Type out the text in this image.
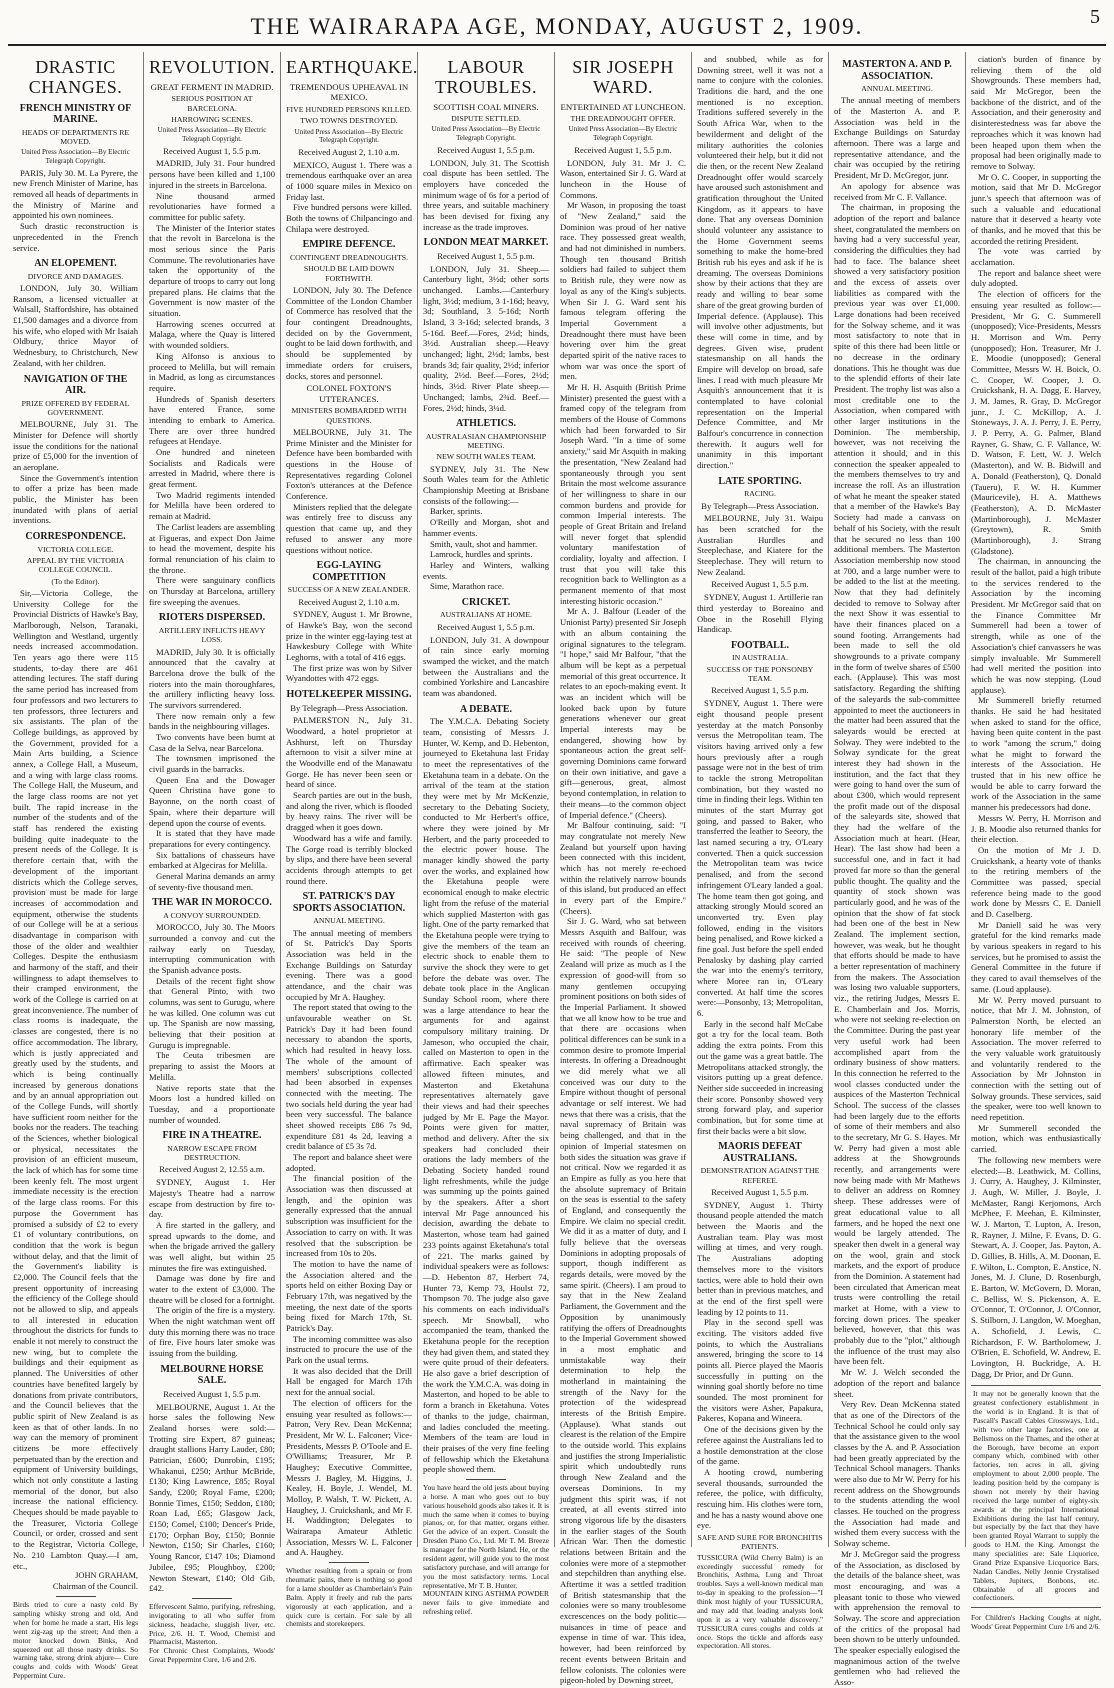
THE WAIRARAPA AGE, MONDAY, AUGUST 2, 1909.	5
DRASTIC CHANGES.
FRENCH MINISTRY OF MARINE.
HEADS OF DEPARTMENTS RE MOVED.
United Press Association—By Electric Telegraph Copyright.

PARIS, July 30. M. La Pyrere, the new French Minister of Marine, has removed all heads of departments in the Ministry of Marine and appointed his own nominees.

Such drastic reconstruction is unprecedented in the French service.

AN ELOPEMENT.
DIVORCE AND DAMAGES.

LONDON, July 30. William Ransom, a licensed victualler at Walsall, Staffordshire, has obtained £1,500 damages and a divorce from his wife, who eloped with Mr Isaiah Oldbury, thrice Mayor of Wednesbury, to Christchurch, New Zealand, with her children.

NAVIGATION OF THE AIR.
PRIZE OFFERED BY FEDERAL GOVERNMENT.

MELBOURNE, July 31. The Minister for Defence will shortly issue the conditions for the national prize of £5,000 for the invention of an aeroplane.

Since the Government's intention to offer a prize has been made public, the Minister has been inundated with plans of aerial inventions.

CORRESPONDENCE.
VICTORIA COLLEGE.
APPEAL BY THE VICTORIA COLLEGE COUNCIL.
(To the Editor).

Sir,—Victoria College, the University College for the Provincial Districts of Hawke's Bay, Marlborough, Nelson, Taranaki, Wellington and Westland, urgently needs increased accommodation. Ten years ago there were 115 students, to-day there are 461 attending lectures. The staff during the same period has increased from four professors and two lecturers to ten professors, three lecturers and six assistants. The plan of the College buildings, as approved by the Government, provided for a Main Arts building, a Science annex, a College Hall, a Museum, and a wing with large class rooms. The College Hall, the Museum, and the large class rooms are not yet built. The rapid increase in the number of the students and of the staff has rendered the existing building quite inadequate to the present needs of the College. It is therefore certain that, with the development of the important districts which the College serves, provision must be made for large increases of accommodation and equipment, otherwise the students of our College will be at a serious disadvantage in comparison with those of the older and wealthier Colleges. Despite the enthusiasm and harmony of the staff, and their willingness to adapt themselves to their cramped environment, the work of the College is carried on at great inconvenience. The number of class rooms is inadequate, the classes are congested, there is no office accommodation. The library, which is justly appreciated and greatly used by the students, and which is being continually increased by generous donations and by an annual appropriation out of the College Funds, will shortly have sufficient room neither for the books nor the readers. The teaching of the Sciences, whether biological or physical, necessitates the provision of an efficient museum, the lack of which has for some time been keenly felt. The most urgent immediate necessity is the erection of the large class rooms. For this purpose the Government has promised a subsidy of £2 to every £1 of voluntary contributions, on condition that the work is begun without delay, and that the limit of the Government's liability is £2,000. The Council feels that the present opportunity of increasing the efficiency of the College should not be allowed to slip, and appeals to all interested in education throughout the districts for funds to enable it not merely to construct the new wing, but to complete the buildings and their equipment as planned. The Universities of other countries have benefited largely by donations from private contributors, and the Council believes that the public spirit of New Zealand is as keen as that of other lands. In no way can the memory of prominent citizens be more effectively perpetuated than by the erection and equipment of University buildings, which not only constitute a lasting memorial of the donor, but also increase the national efficiency. Cheques should be made payable to the Treasurer, Victoria College Council, or order, crossed and sent to the Registrar, Victoria College, No. 210 Lambton Quay.—I am, etc.,

JOHN GRAHAM,
Chairman of the Council.
Birds tried to cure a nasty cold By sampling whisky strong and old, And when for home he made a start, His legs went zig-zag up the street; And then a motor knocked down Binks, And squeezed out all those nasty drinks. So warning take, strong drink abjure— Cure coughs and colds with Woods' Great Peppermint Cure.
REVOLUTION.
GREAT FERMENT IN MADRID.
SERIOUS POSITION AT BARCELONA.
HARROWING SCENES.
United Press Association—By Electric Telegraph Copyright.
Received August 1, 5.5 p.m.

MADRID, July 31. Four hundred persons have been killed and 1,100 injured in the streets in Barcelona.

Nine thousand armed revolutionaries have formed a committee for public safety.

The Minister of the Interior states that the revolt in Barcelona is the most serious since the Paris Commune. The revolutionaries have taken the opportunity of the departure of troops to carry out long prepared plans. He claims that the Government is now master of the situation.

Harrowing scenes occurred at Malaga, where the Quay is littered with wounded soldiers.

King Alfonso is anxious to proceed to Melilla, but will remain in Madrid, as long as circumstances require.

Hundreds of Spanish deserters have entered France, some intending to embark to America. There are over three hundred refugees at Hendaye.

One hundred and nineteen Socialists and Radicals were arrested in Madrid, where there is great ferment.

Two Madrid regiments intended for Melilla have been ordered to remain at Madrid.

The Carlist leaders are assembling at Figueras, and expect Don Jaime to head the movement, despite his formal renunciation of his claim to the throne.

There were sanguinary conflicts on Thursday at Barcelona, artillery fire sweeping the avenues.

RIOTERS DISPERSED.
ARTILLERY INFLICTS HEAVY LOSS.

MADRID, July 30. It is officially announced that the cavalry at Barcelona drove the bulk of the rioters into the main thoroughfares, the artillery inflicting heavy loss. The survivors surrendered.

There now remain only a few bands in the neighbouring villages.

Two convents have been burnt at Casa de la Selva, near Barcelona.

The townsmen imprisoned the civil guards in the barracks.

Queen Ena and the Dowager Queen Christina have gone to Bayonne, on the north coast of Spain, where their departure will depend upon the course of events.

It is stated that they have made preparations for every contingency.

Six battalions of chasseurs have embarked at Algeciras for Melilla.

General Marina demands an army of seventy-five thousand men.

THE WAR IN MOROCCO.
A CONVOY SURROUNDED.

MOROCCO, July 30. The Moors surrounded a convoy and cut the railway early on Tuesday, interrupting communication with the Spanish advance posts.

Details of the recent fight show that General Pinto, with two columns, was sent to Gurugu, where he was killed. One column was cut up. The Spanish are now massing, believing that their position at Gurugu is impregnable.

The Ceuta tribesmen are preparing to assist the Moors at Melilla.

Native reports state that the Moors lost a hundred killed on Tuesday, and a proportionate number of wounded.

FIRE IN A THEATRE.
NARROW ESCAPE FROM DESTRUCTION.
Received August 2, 12.55 a.m.

SYDNEY, August 1. Her Majesty's Theatre had a narrow escape from destruction by fire to-day.

A fire started in the gallery, and spread upwards to the dome, and when the brigade arrived the gallery was well alight, but within 25 minutes the fire was extinguished.

Damage was done by fire and water to the extent of £3,000. The theatre will be closed for a fortnight.

The origin of the fire is a mystery. When the night watchman went off duty this morning there was no trace of fire. Five hours later smoke was issuing from the building.

MELBOURNE HORSE SALE.
Received August 1, 5.5 p.m.

MELBOURNE, August 1. At the horse sales the following New Zealand horses were sold:— Trotting sire Expert, 87 guineas; draught stallions Harry Lauder, £80; Patrician, £600; Dunrobin, £195; Whakanui, £250; Arthur McBride, £130; King Lawrence, £85; Royal Sandy, £200; Royal Fame, £200; Bonnie Times, £150; Seddon, £180; Roan Lad, £65; Glasgow Jack, £150; Comel, £100; Dencer's Pride, £170; Orphan Boy, £150; Bonnie Newton, £150; Sir Charles, £160; Young Rancor, £147 10s; Diamond Jubilee, £95; Ploughboy, £200; Newton Stewart, £140; Old Gib, £42.

Effervescent Salmo, purifying, refreshing, invigorating to all who suffer from sickness, headache, sluggish liver, etc. Price, 2/6. H. T. Wood, Chemist and Pharmacist, Masterton.
For Chronic Chest Complaints, Woods' Great Peppermint Cure, 1/6 and 2/6.
EARTHQUAKE.
TREMENDOUS UPHEAVAL IN MEXICO.
FIVE HUNDRED PERSONS KILLED.
TWO TOWNS DESTROYED.
United Press Association—By Electric Telegraph Copyright.
Received August 2, 1.10 a.m.

MEXICO, August 1. There was a tremendous earthquake over an area of 1000 square miles in Mexico on Friday last.

Five hundred persons were killed. Both the towns of Chilpancingo and Chilapa were destroyed.

EMPIRE DEFENCE.
CONTINGENT DREADNOUGHTS.
SHOULD BE LAID DOWN FORTHWITH.

LONDON, July 30. The Defence Committee of the London Chamber of Commerce has resolved that the four contingent Dreadnoughts, decided on by the Government, ought to be laid down forthwith, and should be supplemented by immediate orders for cruisers, docks, stores and personnel.

COLONEL FOXTON'S UTTERANCES.
MINISTERS BOMBARDED WITH QUESTIONS.

MELBOURNE, July 31. The Prime Minister and the Minister for Defence have been bombarded with questions in the House of Representatives regarding Colonel Foxton's utterances at the Defence Conference.

Ministers replied that the delegate was entirely free to discuss any question that came up, and they refused to answer any more questions without notice.

EGG-LAYING COMPETITION
SUCCESS OF A NEW ZEALANDER.
Received August 2, 1.10 a.m.

SYDNEY, August 1. Mr Browne, of Hawke's Bay, won the second prize in the winter egg-laying test at Hawkesbury College with White Leghorns, with a total of 416 eggs.

The first prize was won by Silver Wyandottes with 472 eggs.

HOTELKEEPER MISSING.
By Telegraph—Press Association.

PALMERSTON N., July 31. Woodward, a hotel proprietor at Ashhurst, left on Thursday afternoon to visit a silver mine at the Woodville end of the Manawatu Gorge. He has never been seen or heard of since.

Search parties are out in the bush, and along the river, which is flooded by heavy rains. The river will be dragged when it goes down.

Woodward has a wife and family. The Gorge road is terribly blocked by slips, and there have been several accidents through attempts to get round there.

ST. PATRICK'S DAY SPORTS ASSOCIATION.
ANNUAL MEETING.

The annual meeting of members of St. Patrick's Day Sports Association was held in the Exchange Buildings on Saturday evening. There was a good attendance, and the chair was occupied by Mr A. Haughey.

The report stated that owing to the unfavourable weather on St. Patrick's Day it had been found necessary to abandon the sports, which had resulted in heavy loss. The whole of the amount of members' subscriptions collected had been absorbed in expenses connected with the meeting. The two socials held during the year had been very successful. The balance sheet showed receipts £86 7s 9d, expenditure £81 4s 2d, leaving a credit balance of £5 3s 7d.

The report and balance sheet were adopted.

The financial position of the Association was then discussed at length, and the opinion was generally expressed that the annual subscription was insufficient for the Association to carry on with. It was resolved that the subscription be increased from 10s to 20s.

The motion to have the name of the Association altered and the sports held on either Boxing Day or February 17th, was negatived by the meeting, the next date of the sports being fixed for March 17th, St. Patrick's Day.

The incoming committee was also instructed to procure the use of the Park on the usual terms.

It was also decided that the Drill Hall be engaged for March 17th next for the annual social.

The election of officers for the ensuing year resulted as follows:—Patron, Very Rev. Dean McKenna; President, Mr W. L. Falconer; Vice-Presidents, Messrs P. O'Toole and E. O'Williams; Treasurer, Mr P. Haughey; Executive Committee, Messrs J. Bagley, M. Higgins, J. Kealey, H. Boyle, J. Wendel, M. Molloy, P. Walsh, T. W. Pickett, A. Haughey, J. Cruickshank, and Mr F. H. Waddington; Delegates to Wairarapa Amateur Athletic Association, Messrs W. L. Falconer and A. Haughey.

Whether resulting from a sprain or from rheumatic pains, there is nothing so good for a lame shoulder as Chamberlain's Pain Balm. Apply it freely and rub the parts vigorously at each application, and a quick cure is certain. For sale by all chemists and storekeepers.
LABOUR TROUBLES.
SCOTTISH COAL MINERS.
DISPUTE SETTLED.
United Press Association—By Electric Telegraph Copyright.
Received August 1, 5.5 p.m.

LONDON, July 31. The Scottish coal dispute has been settled. The employers have conceded the minimum wage of 6s for a period of three years, and suitable machinery has been devised for fixing any increase as the trade improves.

LONDON MEAT MARKET.
Received August 1, 5.5 p.m.

LONDON, July 31. Sheep.—Canterbury light, 3½d; other sorts unchanged. Lambs.—Canterbury light, 3½d; medium, 3 1-16d; heavy, 3d; Southland, 3 5-16d; North Island, 3 3-16d; selected brands, 3 5-16d. Beef.—Fores, 2½d; hinds, 3½d. Australian sheep.—Heavy unchanged; light, 2½d; lambs, best brands 3d; fair quality, 2½d; inferior quality, 2½d. Beef.—Fores, 2½d; hinds, 3½d. River Plate sheep.—Unchanged; lambs, 2¾d. Beef.—Fores, 2½d; hinds, 3¼d.

ATHLETICS.
AUSTRALASIAN CHAMPIONSHIP MEETING.
NEW SOUTH WALES TEAM.

SYDNEY, July 31. The New South Wales team for the Athletic Championship Meeting at Brisbane consists of the following:—

Barker, sprints.

O'Reilly and Morgan, shot and hammer events.

Smith, vault, shot and hammer.

Lamrock, hurdles and sprints.

Harley and Winters, walking events.

Sime, Marathon race.

CRICKET.
AUSTRALIANS AT HOME.
Received August 1, 5.5 p.m.

LONDON, July 31. A downpour of rain since early morning swamped the wicket, and the match between the Australians and the combined Yorkshire and Lancashire team was abandoned.

A DEBATE.

The Y.M.C.A. Debating Society team, consisting of Messrs J. Hunter, W. Kemp, and D. Hebenton, journeyed to Eketahuna last Friday to meet the representatives of the Eketahuna team in a debate. On the arrival of the team at the station they were met by Mr McKenzie, secretary to the Debating Society, conducted to Mr Herbert's office, where they were joined by Mr Herbert, and the party proceeded to the electric power house. The manager kindly showed the party over the works, and explained how the Eketahuna people were economical enough to make electric light from the refuse of the material which supplied Masterton with gas light. One of the party remarked that the Eketahuna people were trying to give the members of the team an electric shock to enable them to survive the shock they were to get before the debate was over. The debate took place in the Anglican Sunday School room, where there was a large attendance to hear the arguments for and against compulsory military training. Dr Jameson, who occupied the chair, called on Masterton to open in the affirmative. Each speaker was allowed fifteen minutes, and Masterton and Eketahuna representatives alternately gave their views and had their speeches judged by Mr E. Page the Mayor. Points were given for matter, method and delivery. After the six speakers had concluded their orations the lady members of the Debating Society handed round light refreshments, while the judge was summing up the points gained by the speakers. After a short interval Mr Page announced his decision, awarding the debate to Masterton, whose team had gained 233 points against Eketahuna's total of 221. The marks gained by individual speakers were as follows:—D. Hebenton 87, Herbert 74, Hunter 73, Kemp 73, Houlst 72, Thompson 70. The judge also gave his comments on each individual's speech. Mr Snowball, who accompanied the team, thanked the Eketahuna people for the reception they had given them, and stated they were quite proud of their defeaters. He also gave a brief description of the work the Y.M.C.A. was doing in Masterton, and hoped to be able to form a branch in Eketahuna. Votes of thanks to the judge, chairman, and ladies concluded the meeting. Members of the team are loud in their praises of the very fine feeling of fellowship which the Eketahuna people showed them.

You have heard the old jests about buying a horse. A man who goes out to buy various household goods also takes it. It is much the same when it comes to buying pianos, or, for that matter, organs either. Get the advice of an expert. Consult the Dresden Piano Co., Ltd. Mr T. M. Breeze is manager for the North Island. He, or the resident agent, will guide you to the most satisfactory purchase, and will arrange for you the most satisfactory terms. Local representative, Mr T. B. Hunter.
MOUNTAIN KING ASTHMA POWDER never fails to give immediate and refreshing relief.
SIR JOSEPH WARD.
ENTERTAINED AT LUNCHEON.
THE DREADNOUGHT OFFER.
United Press Association—By Electric Telegraph Copyright.
Received August 1, 5.5 p.m.

LONDON, July 31. Mr J. C. Wason, entertained Sir J. G. Ward at luncheon in the House of Commons.

Mr Wason, in proposing the toast of "New Zealand," said the Dominion was proud of her native race. They possessed great wealth, and had not diminished in numbers. Though ten thousand British soldiers had failed to subject them to British rule, they were now as loyal as any of the King's subjects. When Sir J. G. Ward sent his famous telegram offering the Imperial Government a Dreadnought there must have been hovering over him the great departed spirit of the native races to whom war was once the sport of men.

Mr H. H. Asquith (British Prime Minister) presented the guest with a framed copy of the telegram from members of the House of Commons which had been forwarded to Sir Joseph Ward. "In a time of some anxiety," said Mr Asquith in making the presentation, "New Zealand had spontaneously through you sent Britain the most welcome assurance of her willingness to share in our common burdens and provide for common Imperial interests. The people of Great Britain and Ireland will never forget that splendid voluntary manifestation of cordiality, loyalty and affection. I trust that you will take this recognition back to Wellington as a permanent memento of that most interesting historic occasion."

Mr A. J. Balfour (Leader of the Unionist Party) presented Sir Joseph with an album containing the original signatures to the telegram. "I hope," said Mr Balfour, "that the album will be kept as a perpetual memorial of this great occurrence. It relates to an epoch-making event. It was an incident which will be looked back upon by future generations whenever our great Imperial interests may be endangered, showing how by spontaneous action the great self-governing Dominions came forward on their own initiative, and gave a gift—generous, great, almost beyond contemplation, in relation to their means—to the common object of Imperial defence." (Cheers).

Mr Balfour continuing, said: "I may congratulate not merely New Zealand but yourself upon having been connected with this incident, which has not merely re-echoed within the relatively narrow bounds of this island, but produced an effect in every part of the Empire." (Cheers).

Sir J. G. Ward, who sat between Messrs Asquith and Balfour, was received with rounds of cheering. He said: "The people of New Zealand will prize as much as I the expression of good-will from so many gentlemen occupying prominent positions on both sides of the Imperial Parliament. It showed that we all know how to be true and that there are occasions when political differences can be sunk in a common desire to promote Imperial interests. In offering a Dreadnought we did merely what we all conceived was our duty to the Empire without thought of personal advantage or self interest. We had news that there was a crisis, that the naval supremacy of Britain was being challenged, and that in the opinion of Imperial statesmen on both sides the situation was grave if not critical. Now we regarded it as an Empire as fully as you here that the absolute supremacy of Britain on the seas is essential to the safety of England, and consequently the Empire. We claim no special credit. We did it as a matter of duty, and I fully believe that the overseas Dominions in adopting proposals of support, though indifferent as regards details, were moved by the same spirit. (Cheers). I am proud to say that in the New Zealand Parliament, the Government and the Opposition by unanimously ratifying the offers of Dreadnoughts to the Imperial Government showed in a most emphatic and unmistakable way their determination to help the motherland in maintaining the strength of the Navy for the protection of the widespread interests of the British Empire. (Applause). What stands out clearest is the relation of the Empire to the outside world. This explains and justifies the strong Imperialistic spirit which undoubtedly runs through New Zealand and the overseas Dominions. In my judgment this spirit was, if not created, at all events stirred into strong vigorous life by the disasters in the earlier stages of the South African War. Then the domestic relations between Britain and the colonies were more of a stepmother and stepchildren than anything else. Aftertime it was a settled tradition of British statesmanship that the colonies were so many troublesome excrescences on the body politic—nuisances in time of peace and expense in time of war. This idea, however, had been reinforced by recent events between Britain and fellow colonists. The colonies were pigeon-holed by Downing street,

and snubbed, while as for Downing street, well it was not a name to conjure with the colonies. Traditions die hard, and the one mentioned is no exception. Traditions suffered severely in the South Africa War, when to the bewilderment and delight of the military authorities the colonies volunteered their help, but it did not die then, or the recent New Zealand Dreadnought offer would scarcely have aroused such astonishment and gratification throughout the United Kingdom, as it appears to have done. That any overseas Dominion should volunteer any assistance to the Home Government seems something to make the home-bred British rub his eyes and ask if he is dreaming. The overseas Dominions show by their actions that they are ready and willing to bear some share of the great growing burden of Imperial defence. (Applause). This will involve other adjustments, but these will come in time, and by degrees. Given wise, prudent statesmanship on all hands the Empire will develop on broad, safe lines. I read with much pleasure Mr Asquith's announcement that it is contemplated to have colonial representation on the Imperial Defence Committee, and Mr Balfour's concurrence in connection therewith. It augurs well for unanimity in this important direction."

LATE SPORTING.
RACING.
By Telegraph—Press Association.

MELBOURNE, July 31. Waipu has been scratched for the Australian Hurdles and Steeplechase, and Kiatere for the Steeplechase. They will return to New Zealand.

Received August 1, 5.5 p.m.

SYDNEY, August 1. Artillerie ran third yesterday to Boreaino and Oboe in the Rosehill Flying Handicap.

FOOTBALL.
IN AUSTRALIA.
SUCCESS OF THE PONSONBY TEAM.
Received August 1, 5.5 p.m.

SYDNEY, August 1. There were eight thousand people present yesterday at the match Ponsonby versus the Metropolitan team. The visitors having arrived only a few hours previously after a rough passage were not in the best of trim to tackle the strong Metropolitan combination, but they wasted no time in finding their legs. Within ten minutes of the start Murray got going, and passed to Baker, who transferred the leather to Seeory, the last named securing a try, O'Leary converted. Then a quick succession the Metropolitan team was twice penalised, and from the second infringement O'Leary landed a goal. The home team then got going, and attacking strongly Mould scored an unconverted try. Even play followed, ending in the visitors being penalised, and Rowe kicked a fine goal. Just before the spell ended Penalosky by dashing play carried the war into the enemy's territory, where Moree ran in, O'Leary converted. At half time the scores were:—Ponsonby, 13; Metropolitan, 6.

Early in the second half McCabe got a try for the local team. Both adding the extra points. From this out the game was a great battle. The Metropolitans attacked strongly, the visitors putting up a great defence. Neither side succeeded in increasing their score. Ponsonby showed very strong forward play, and superior combination, but for some time at first their backs were a bit slow.

MAORIS DEFEAT AUSTRALIANS.
DEMONSTRATION AGAINST THE REFEREE.
Received August 1, 5.5 p.m.

SYDNEY, August 1. Thirty thousand people attended the match between the Maoris and the Australian team. Play was most willing at times, and very rough. The Australians adopting themselves more to the visitors tactics, were able to hold their own better than in previous matches, and at the end of the first spell were leading by 12 points to 11.

Play in the second spell was exciting. The visitors added five points, to which the Australians answered, bringing the score to 14 points all. Pierce played the Maoris successfully in putting on the winning goal shortly before no time sounded. The most prominent for the visitors were Asher, Papakura, Pakeres, Kopana and Wineera.

One of the decisions given by the referee against the Australians led to a hostile demonstration at the close of the game.

A hooting crowd, numbering several thousands, surrounded the referee, the police, with difficulty, rescuing him. His clothes were torn, and he has a nasty wound above one eye.

SAFE AND SURE FOR BRONCHITIS PATIENTS.
TUSSICURA (Wild Cherry Balm) is an exceedingly successful remedy for Bronchitis, Asthma, Lung and Throat troubles. Says a well-known medical man to-day in speaking to the profession—"I think most highly of your TUSSICURA, and may add that leading analysts look upon it as a very valuable discovery." TUSSICURA cures coughs and colds at once. Stops the tickle and affords easy expectoration. All stores.
MASTERTON A. AND P. ASSOCIATION.
ANNUAL MEETING.

The annual meeting of members of the Masterton A. and P. Association was held in the Exchange Buildings on Saturday afternoon. There was a large and representative attendance, and the chair was occupied by the retiring President, Mr D. McGregor, junr.

An apology for absence was received from Mr C. F. Vallance.

The chairman, in proposing the adoption of the report and balance sheet, congratulated the members on having had a very successful year, considering the difficulties they had had to face. The balance sheet showed a very satisfactory position and the excess of assets over liabilities as compared with the previous year was over £1,000. Large donations had been received for the Solway scheme, and it was most satisfactory to note that in spite of this there had been little or no decrease in the ordinary donations. This he thought was due to the splendid efforts of their late President. The trophy list was also a most creditable one to the Association, when compared with other larger institutions in the Dominion. The membership, however, was not receiving the attention it should, and in this connection the speaker appealed to the members themselves to try and increase the roll. As an illustration of what he meant the speaker stated that a member of the Hawke's Bay Society had made a canvass on behalf of his Society, with the result that he secured no less than 100 additional members. The Masterton Association membership now stood at 700, and a large number were to be added to the list at the meeting. Now that they had definitely decided to remove to Solway after the next Show it was essential to have their finances placed on a sound footing. Arrangements had been made to sell the old showgrounds to a private company in the form of twelve shares of £500 each. (Applause). This was most satisfactory. Regarding the shifting of the saleyards the sub-committee appointed to meet the auctioneers in the matter had been assured that the saleyards would be erected at Solway. They were indebted to the Solway syndicate for the great interest they had shown in the institution, and the fact that they were going to hand over the sum of about £300, which would represent the profit made out of the disposal of the saleyards site, showed that they had the welfare of the Association much at heart. (Hear, Hear). The last show had been a successful one, and in fact it had proved far more so than the general public thought. The quality and the quantity of stock shown was particularly good, and he was of the opinion that the show of fat stock had been one of the best in New Zealand. The implement section, however, was weak, but he thought that efforts should be made to have a better representation of machinery from the makers. The Association was losing two valuable supporters, viz., the retiring Judges, Messrs E. E. Chamberlain and Jos. Morris, who were not seeking re-election on the Committee. During the past year very useful work had been accomplished apart from the ordinary business of show matters. In this connection he referred to the wool classes conducted under the auspices of the Masterton Technical School. The success of the classes had been largely due to the efforts of some of their members and also to the secretary, Mr G. S. Hayes. Mr W. Perry had given a most able address at the Showgrounds recently, and arrangements were now being made with Mr Mathews to deliver an address on Romney sheep. These addresses were of great educational value to all farmers, and he hoped the next one would be largely attended. The speaker then dwelt in a general way on the wool, grain and stock markets, and the export of produce from the Dominion. A statement had been circulated that American meat trusts were controlling the retail market at Home, with a view to forcing down prices. The speaker believed, however, that this was probably due to the "plot," although the influence of the trust may also have been felt.

Mr W. J. Welch seconded the adoption of the report and balance sheet.

Very Rev. Dean McKenna stated that as one of the Directors of the Technical School he could only say that the assistance given to the wool classes by the A. and P. Association had been greatly appreciated by the Technical School managers. Thanks were also due to Mr W. Perry for his recent address on the Showgrounds to the students attending the wool classes. He touched on the progress the Association had made and wished them every success with the Solway scheme.

Mr J. McGregor said the progress of the Association, as disclosed by the details of the balance sheet, was most encouraging, and was a pleasant tonic to those who viewed with apprehension the removal to Solway. The score and appreciation of the critics of the proposal had been shown to be utterly unfounded. The speaker especially eulogised the magnanimous action of the twelve gentlemen who had relieved the Asso-

ciation's burden of finance by relieving them of the old Showgrounds. These members had, said Mr McGregor, been the backbone of the district, and of the Association, and their generosity and disinterestedness was far above the reproaches which it was known had been heaped upon them when the proposal had been originally made to remove to Solway.

Mr O. C. Cooper, in supporting the motion, said that Mr D. McGregor junr.'s speech that afternoon was of such a valuable and educational nature that it deserved a hearty vote of thanks, and he moved that this be accorded the retiring President.

The vote was carried by acclamation.

The report and balance sheet were duly adopted.

The election of officers for the ensuing year resulted as follow:—President, Mr G. C. Summerell (unopposed); Vice-Presidents, Messrs H. Morrison and Wm. Perry (unopposed); Hon. Treasurer, Mr J. E. Moodie (unopposed); General Committee, Messrs W. H. Boick, O. C. Cooper, W. Cooper, J. O. Cruickshank, H. A. Dagg, E. Harvey, J. M. James, R. Gray, D. McGregor junr., J. C. McKillop, A. J. Stoneways, J. A. J. Perry, J. E. Perry, J. P. Perry, A. G. Palmer, Bland Rayner, G. Shaw, C. F. Vallance, W. D. Watson, F. Lett, W. J. Welch (Masterton), and W. B. Bidwill and A. Donald (Featherston), Q. Donald (Taueru), F. W. H. Kummer (Mauricevile), H. A. Matthews (Featherston), A. D. McMaster (Martinborough), J. McMaster (Greytown), R. Smith (Martinborough), J. Strang (Gladstone).

The chairman, in announcing the result of the ballot, paid a high tribute to the services rendered to the Association by the incoming President. Mr McGregor said that on the Finance Committee Mr Summerell had been a tower of strength, while as one of the Association's chief canvassers he was simply invaluable. Mr Summerell had well merited the position into which he was now stepping. (Loud applause).

Mr Summerell briefly returned thanks. He said he had hesitated when asked to stand for the office, having been quite content in the past to work "among the scrum," doing what he might to forward the interests of the Association. He trusted that in his new office he would be able to carry forward the work of the Association in the same manner his predecessors had done.

Messrs W. Perry, H. Morrison and J. B. Moodie also returned thanks for their election.

On the motion of Mr J. D. Cruickshank, a hearty vote of thanks to the retiring members of the Committee was passed, special reference being made to the good work done by Messrs C. E. Daniell and D. Caselberg.

Mr Daniell said he was very grateful for the kind remarks made by various speakers in regard to his services, but he promised to assist the General Committee in the future if they cared to avail themselves of the same. (Loud applause).

Mr W. Perry moved pursuant to notice, that Mr J. M. Johnston, of Palmerston North, be elected an honorary life member of the Association. The mover referred to the very valuable work gratuitously and voluntarily rendered to the Association by Mr Johnston in connection with the setting out of Solway grounds. These services, said the speaker, were too well known to need repetition.

Mr Summerell seconded the motion, which was enthusiastically carried.

The following new members were elected:—B. Leathwick, M. Collins, J. Curry, A. Haughey, J. Kilminster, J. Augh, W. Miller, J. Boyle, J. McMaster, Rangi Kerjomons, Arch McPhee, F. Meehan, E. Kilminster, W. J. Marton, T. Lupton, A. Ireson, R. Rayner, J. Milne, F. Evans, D. G. Stewart, A. J. Cooper, Jas. Payton, A. D. Gillies, B. Hills, A. M. Doonan, E. F. Wilton, L. Compton, E. Anstice, N. Jones, M. J. Clune, D. Rosenburgh, E. Barton, W. McGovern, D. Moran, C. Belliss, W. S. Pickenson, A. E. O'Connor, T. O'Connor, J. O'Connor, S. Stilborn, J. Langdon, W. Moeghan, A. Schofield, J. Lewis, C. Richardson, F. W. Bartholomew, J. O'Brien, E. Schofield, W. Andrew, E. Lovington, H. Buckridge, A. H. Dagg, Dr Prior, and Dr Gunn.

It may not be generally known that the greatest confectionery establishment in the world is in England. It is that of Pascall's Pascall Cables Crossways, Ltd., with two other large factories, one at Bellsmoss on the Thames, and the other at the Borough, have become an export company which, combined with other factories, ten acres in all, giving employment to about 2,000 people. The leading position held by the company is shown not merely by their having received the large number of eighty-six awards at the principal International Exhibitions during the last half century, but especially by the fact that they have been granted Royal Warrant to supply the goods to H.M. the King. Amongst the many specialities are: Sale Liquorice, Grand Prize Expansive Licquorice Bars, Nadan Candles, Nelly Jennie Crystalised Tablets, Jupiters, Bonbons, etc. Obtainable of all grocers and confectioners.
For Children's Hacking Coughs at night, Woods' Great Peppermint Cure 1/6 and 2/6.
